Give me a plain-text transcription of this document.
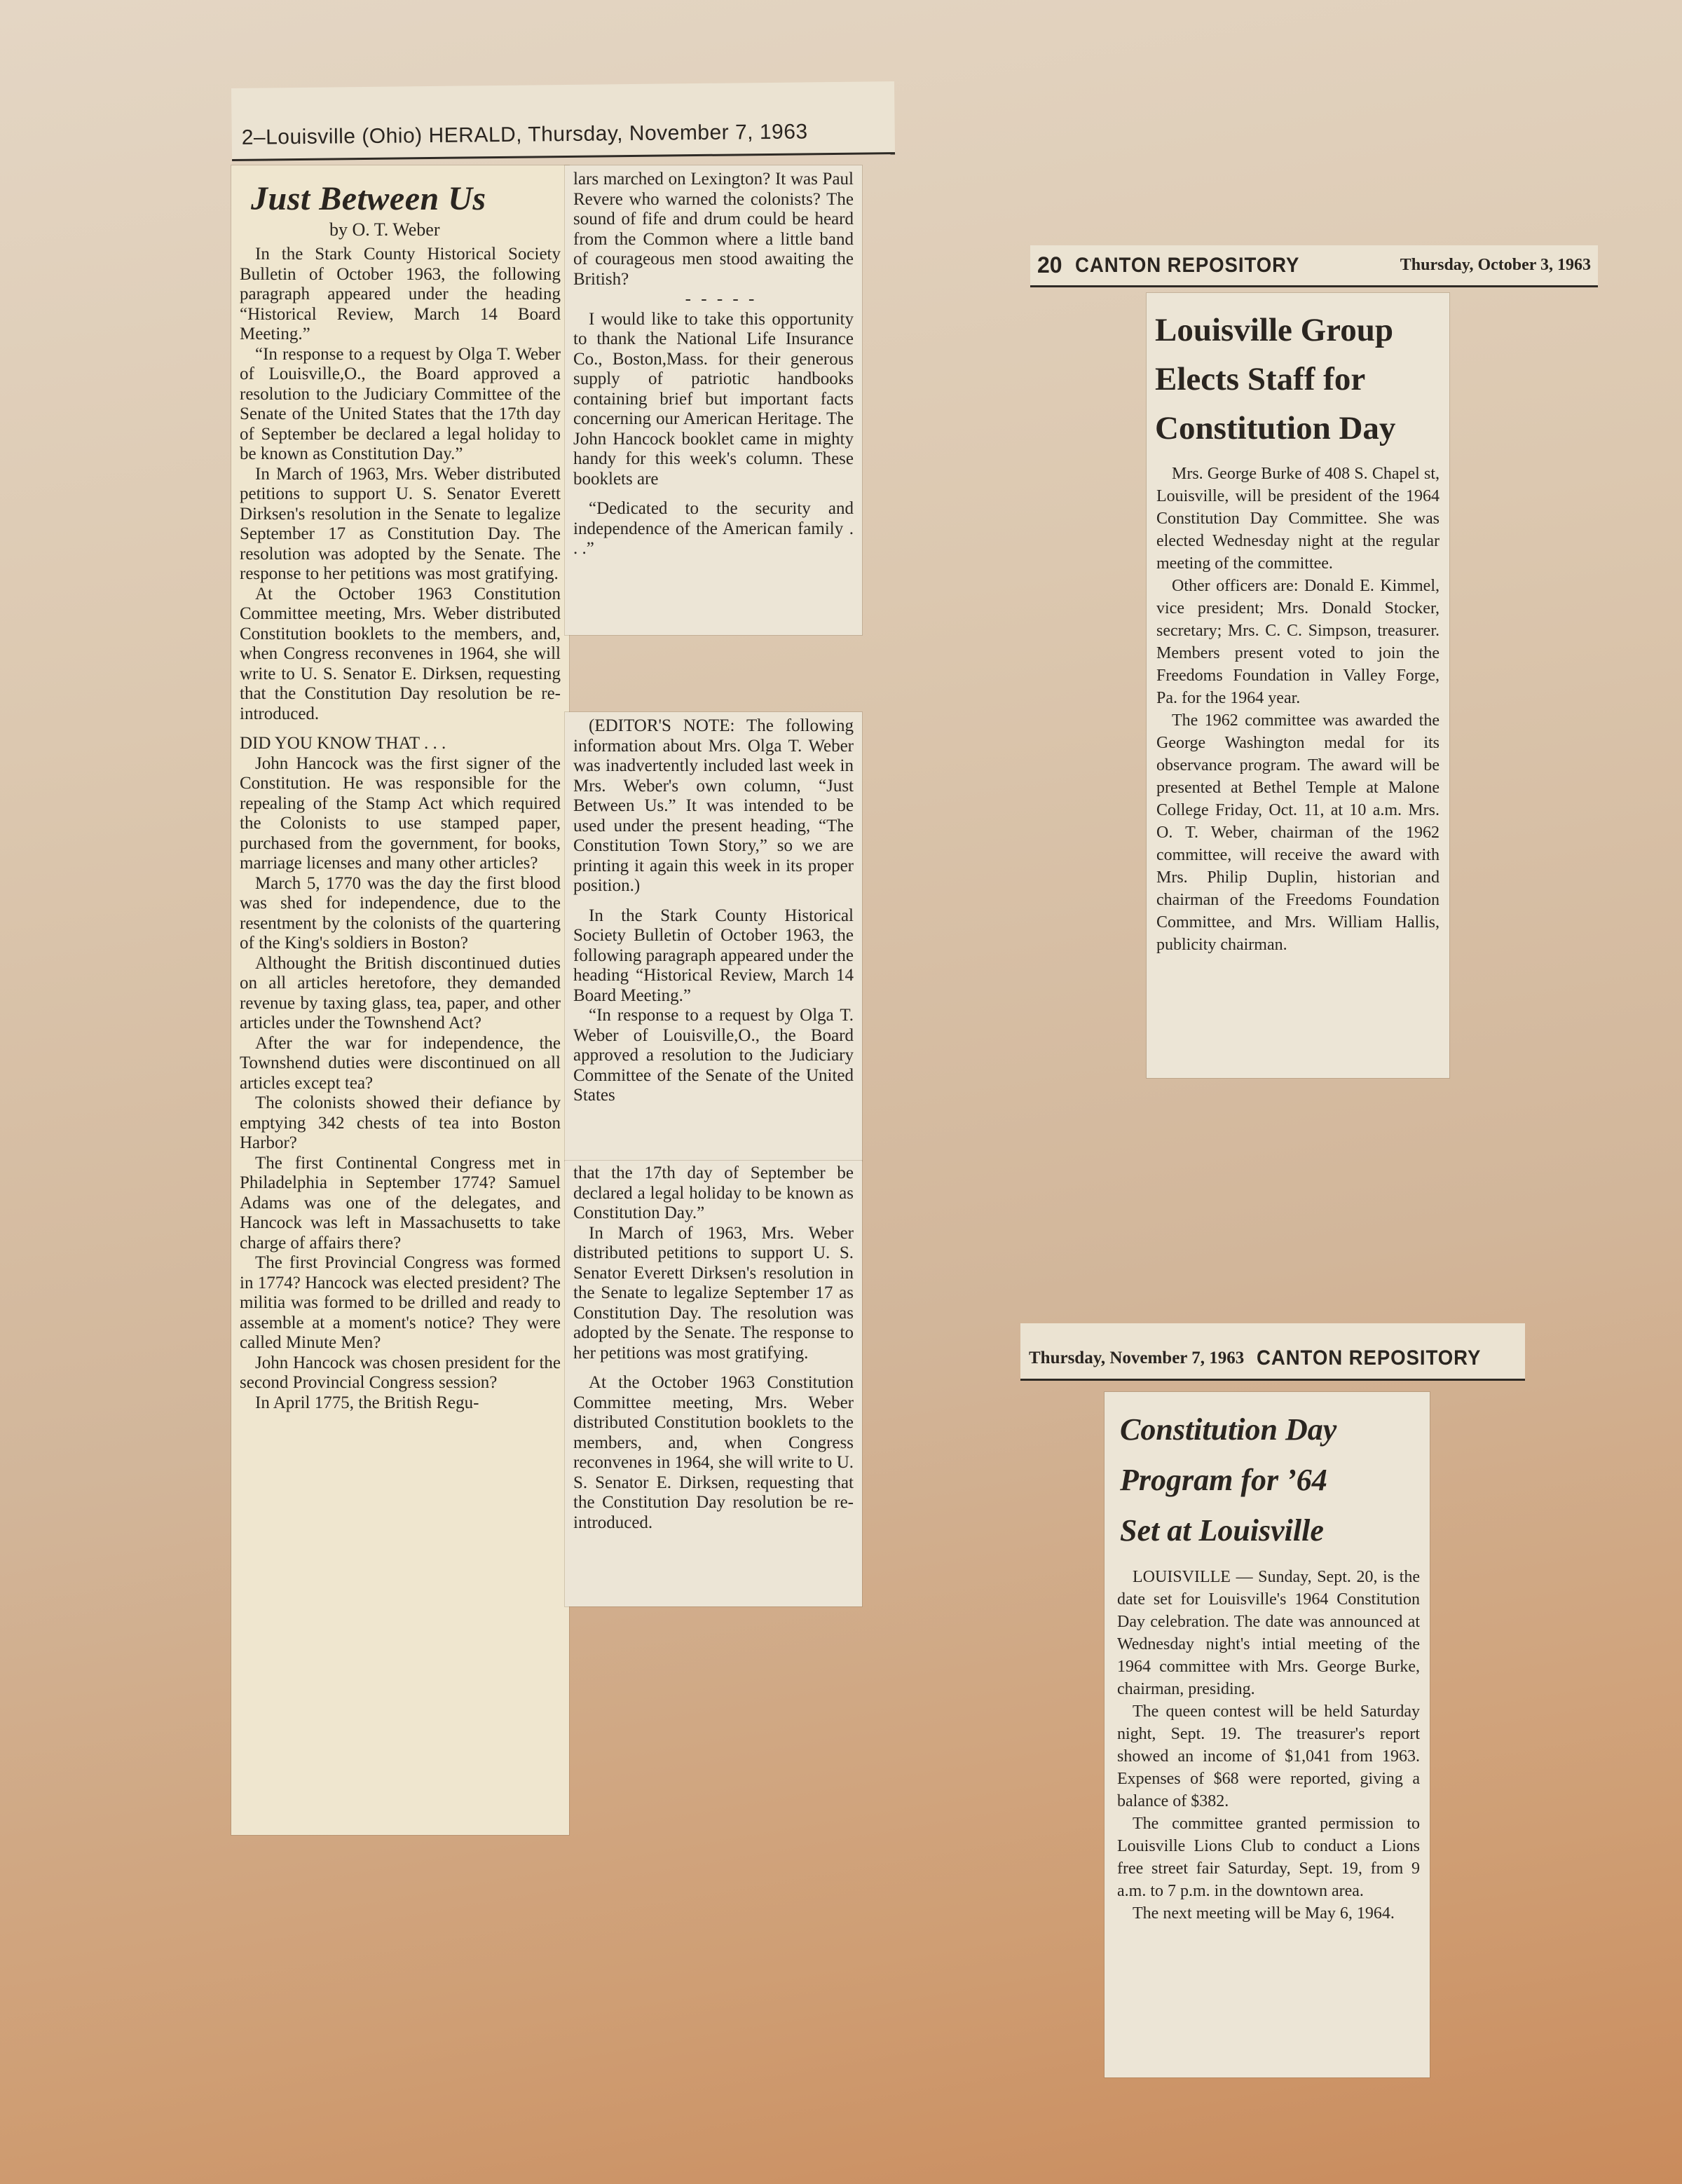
2–Louisville (Ohio) HERALD, Thursday, November 7, 1963
Just Between Us
by O. T. Weber

In the Stark County Historical Society Bulletin of October 1963, the following paragraph appeared under the heading “Historical Review, March 14 Board Meeting.”

“In response to a request by Olga T. Weber of Louisville,O., the Board approved a resolution to the Judiciary Committee of the Senate of the United States that the 17th day of September be declared a legal holiday to be known as Constitution Day.”

In March of 1963, Mrs. Weber distributed petitions to support U. S. Senator Everett Dirksen's resolution in the Senate to legalize September 17 as Constitution Day. The resolution was adopted by the Senate. The response to her petitions was most gratifying.

At the October 1963 Constitution Committee meeting, Mrs. Weber distributed Constitution booklets to the members, and, when Congress reconvenes in 1964, she will write to U. S. Senator E. Dirksen, requesting that the Constitution Day resolution be re-introduced.

DID YOU KNOW THAT . . .

John Hancock was the first signer of the Constitution. He was responsible for the repealing of the Stamp Act which required the Colonists to use stamped paper, purchased from the government, for books, marriage licenses and many other articles?

March 5, 1770 was the day the first blood was shed for independence, due to the resentment by the colonists of the quartering of the King's soldiers in Boston?

Althought the British discontinued duties on all articles heretofore, they demanded revenue by taxing glass, tea, paper, and other articles under the Townshend Act?

After the war for independence, the Townshend duties were discontinued on all articles except tea?

The colonists showed their defiance by emptying 342 chests of tea into Boston Harbor?

The first Continental Congress met in Philadelphia in September 1774? Samuel Adams was one of the delegates, and Hancock was left in Massachusetts to take charge of affairs there?

The first Provincial Congress was formed in 1774? Hancock was elected president? The militia was formed to be drilled and ready to assemble at a moment's notice? They were called Minute Men?

John Hancock was chosen president for the second Provincial Congress session?

In April 1775, the British Regu-

lars marched on Lexington? It was Paul Revere who warned the colonists? The sound of fife and drum could be heard from the Common where a little band of courageous men stood awaiting the British?

- - - - -

I would like to take this opportunity to thank the National Life Insurance Co., Boston,Mass. for their generous supply of patriotic handbooks containing brief but important facts concerning our American Heritage. The John Hancock booklet came in mighty handy for this week's column. These booklets are

“Dedicated to the security and independence of the American family . . .”

(EDITOR'S NOTE: The following information about Mrs. Olga T. Weber was inadvertently included last week in Mrs. Weber's own column, “Just Between Us.” It was intended to be used under the present heading, “The Constitution Town Story,” so we are printing it again this week in its proper position.)

In the Stark County Historical Society Bulletin of October 1963, the following paragraph appeared under the heading “Historical Review, March 14 Board Meeting.”

“In response to a request by Olga T. Weber of Louisville,O., the Board approved a resolution to the Judiciary Committee of the Senate of the United States

that the 17th day of September be declared a legal holiday to be known as Constitution Day.”

In March of 1963, Mrs. Weber distributed petitions to support U. S. Senator Everett Dirksen's resolution in the Senate to legalize September 17 as Constitution Day. The resolution was adopted by the Senate. The response to her petitions was most gratifying.

At the October 1963 Constitution Committee meeting, Mrs. Weber distributed Constitution booklets to the members, and, when Congress reconvenes in 1964, she will write to U. S. Senator E. Dirksen, requesting that the Constitution Day resolution be re-introduced.

20 CANTON REPOSITORY	Thursday, October 3, 1963
Louisville Group
Elects Staff for
Constitution Day

Mrs. George Burke of 408 S. Chapel st, Louisville, will be president of the 1964 Constitution Day Committee. She was elected Wednesday night at the regular meeting of the committee.

Other officers are: Donald E. Kimmel, vice president; Mrs. Donald Stocker, secretary; Mrs. C. C. Simpson, treasurer. Members present voted to join the Freedoms Foundation in Valley Forge, Pa. for the 1964 year.

The 1962 committee was awarded the George Washington medal for its observance program. The award will be presented at Bethel Temple at Malone College Friday, Oct. 11, at 10 a.m. Mrs. O. T. Weber, chairman of the 1962 committee, will receive the award with Mrs. Philip Duplin, historian and chairman of the Freedoms Foundation Committee, and Mrs. William Hallis, publicity chairman.

Thursday, November 7, 1963 CANTON REPOSITORY
Constitution Day
Program for ’64
Set at Louisville

LOUISVILLE — Sunday, Sept. 20, is the date set for Louisville's 1964 Constitution Day celebration. The date was announced at Wednesday night's intial meeting of the 1964 committee with Mrs. George Burke, chairman, presiding.

The queen contest will be held Saturday night, Sept. 19. The treasurer's report showed an income of $1,041 from 1963. Expenses of $68 were reported, giving a balance of $382.

The committee granted permission to Louisville Lions Club to conduct a Lions free street fair Saturday, Sept. 19, from 9 a.m. to 7 p.m. in the downtown area.

The next meeting will be May 6, 1964.
